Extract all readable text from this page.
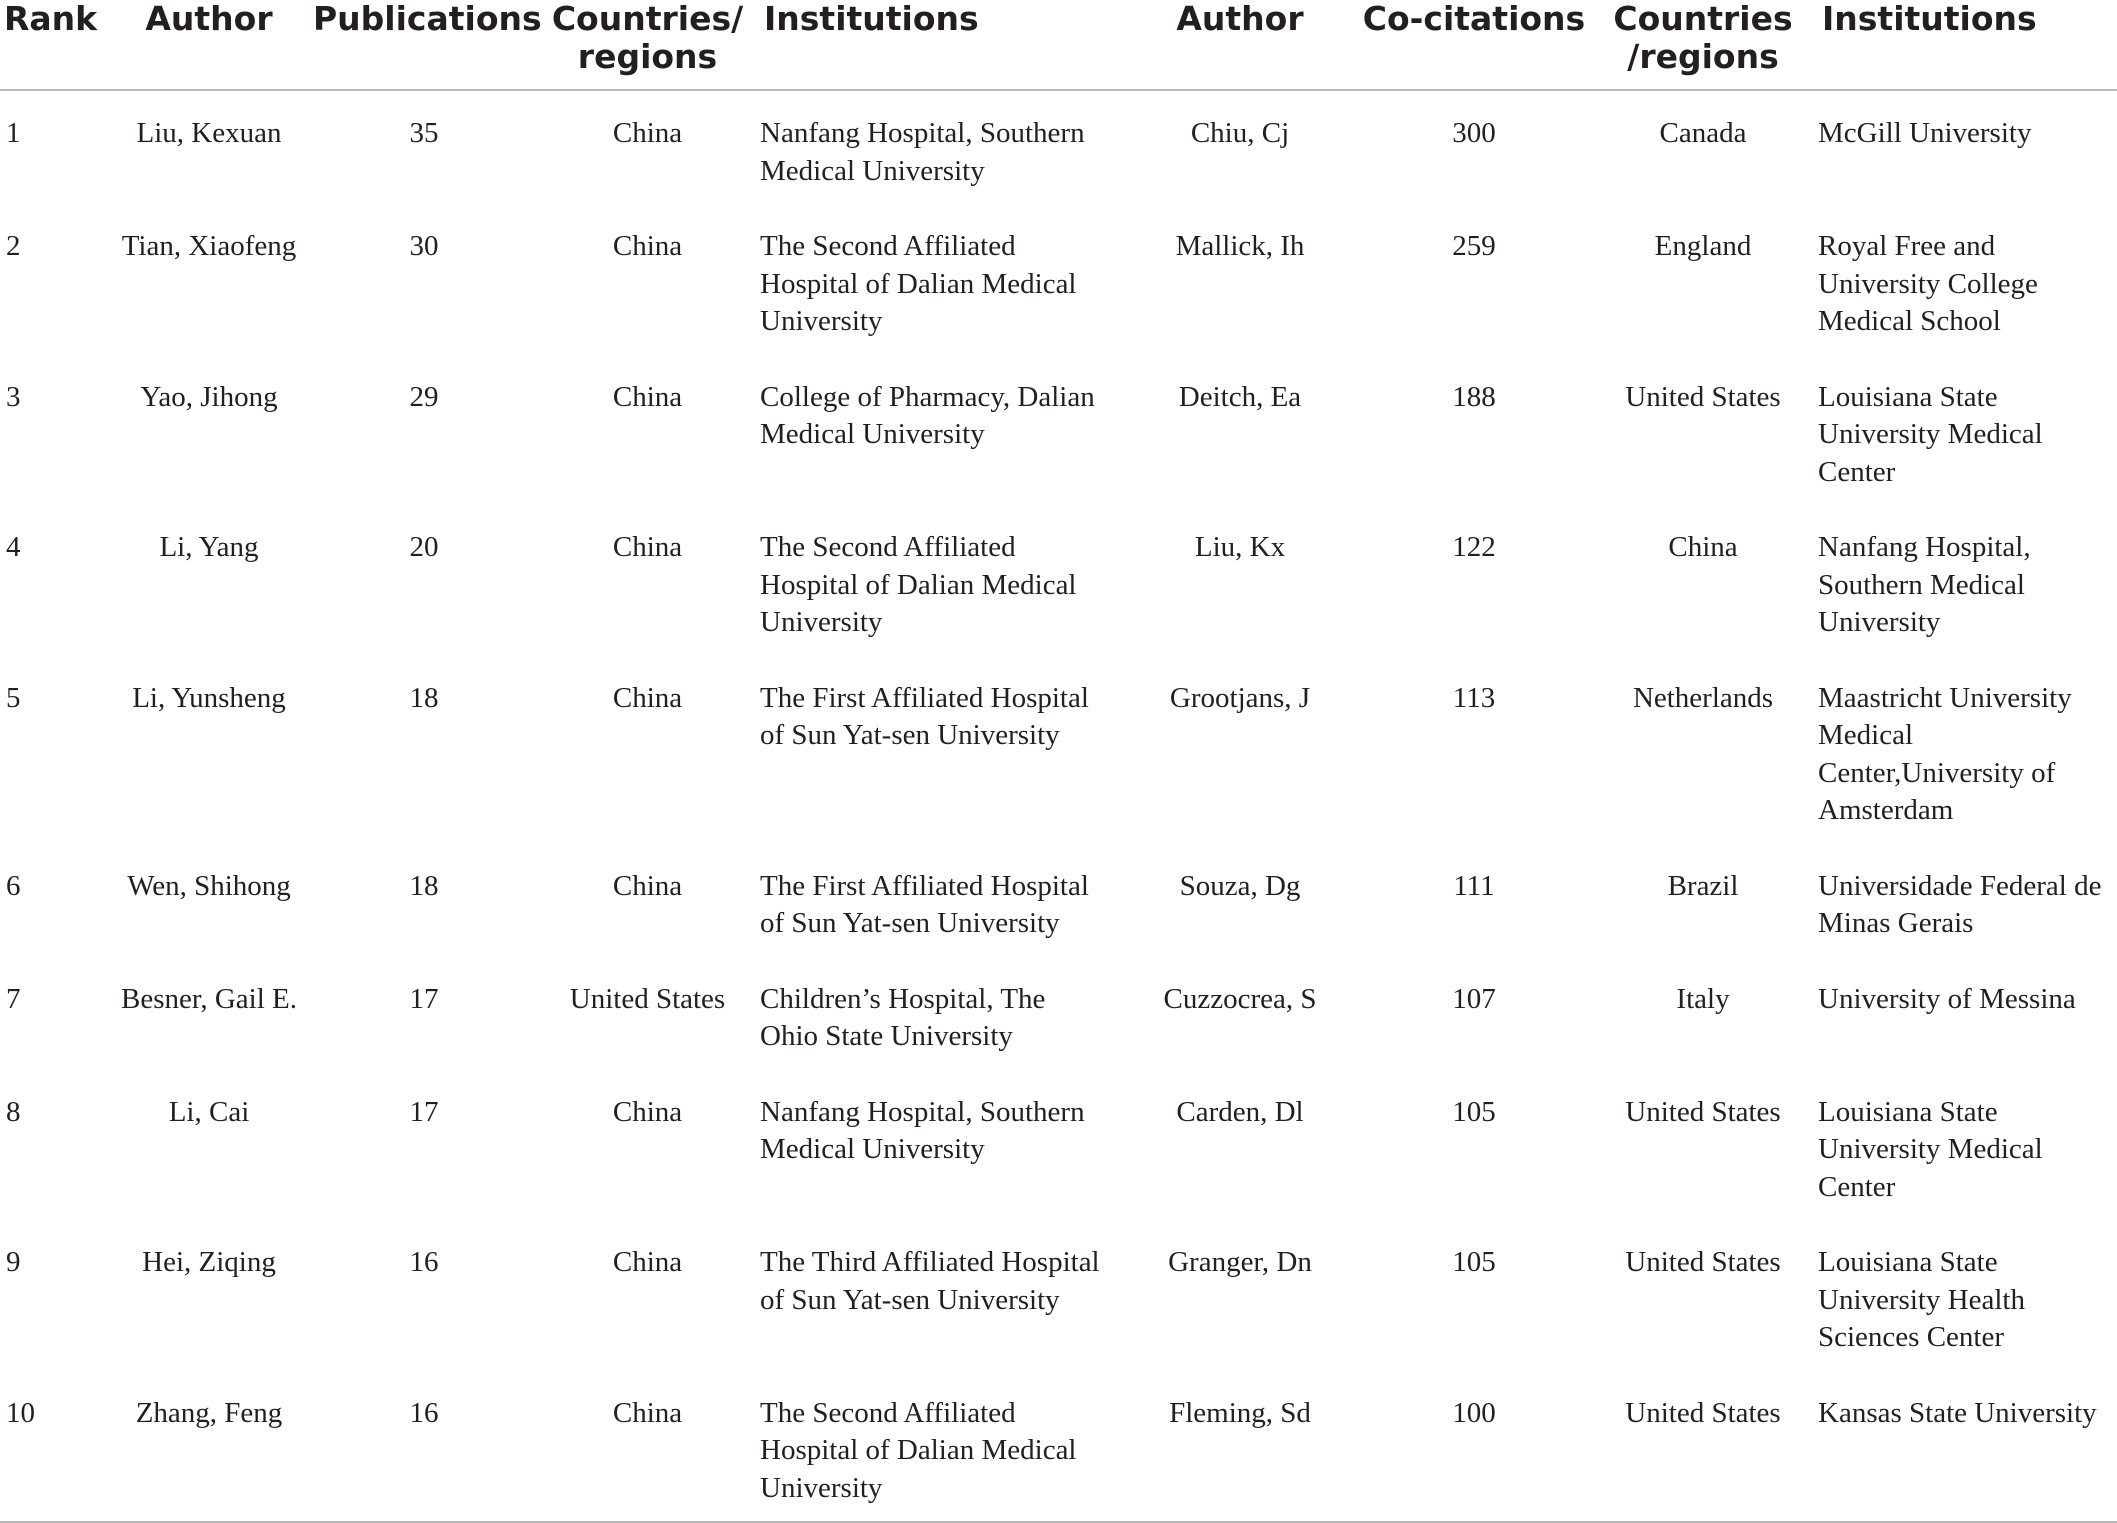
Rank	Author	Publications	Countries/ regions	Institutions	Author	Co-citations	Countries /regions	Institutions
1	Liu, Kexuan	35	China	Nanfang Hospital, Southern Medical University	Chiu, Cj	300	Canada	McGill University
2	Tian, Xiaofeng	30	China	The Second Affiliated Hospital of Dalian Medical University	Mallick, Ih	259	England	Royal Free and University College Medical School
3	Yao, Jihong	29	China	College of Pharmacy, Dalian Medical University	Deitch, Ea	188	United States	Louisiana State University Medical Center
4	Li, Yang	20	China	The Second Affiliated Hospital of Dalian Medical University	Liu, Kx	122	China	Nanfang Hospital, Southern Medical University
5	Li, Yunsheng	18	China	The First Affiliated Hospital of Sun Yat-sen University	Grootjans, J	113	Netherlands	Maastricht University Medical Center,University of Amsterdam
6	Wen, Shihong	18	China	The First Affiliated Hospital of Sun Yat-sen University	Souza, Dg	111	Brazil	Universidade Federal de Minas Gerais
7	Besner, Gail E.	17	United States	Children’s Hospital, The Ohio State University	Cuzzocrea, S	107	Italy	University of Messina
8	Li, Cai	17	China	Nanfang Hospital, Southern Medical University	Carden, Dl	105	United States	Louisiana State University Medical Center
9	Hei, Ziqing	16	China	The Third Affiliated Hospital of Sun Yat-sen University	Granger, Dn	105	United States	Louisiana State University Health Sciences Center
10	Zhang, Feng	16	China	The Second Affiliated Hospital of Dalian Medical University	Fleming, Sd	100	United States	Kansas State University
